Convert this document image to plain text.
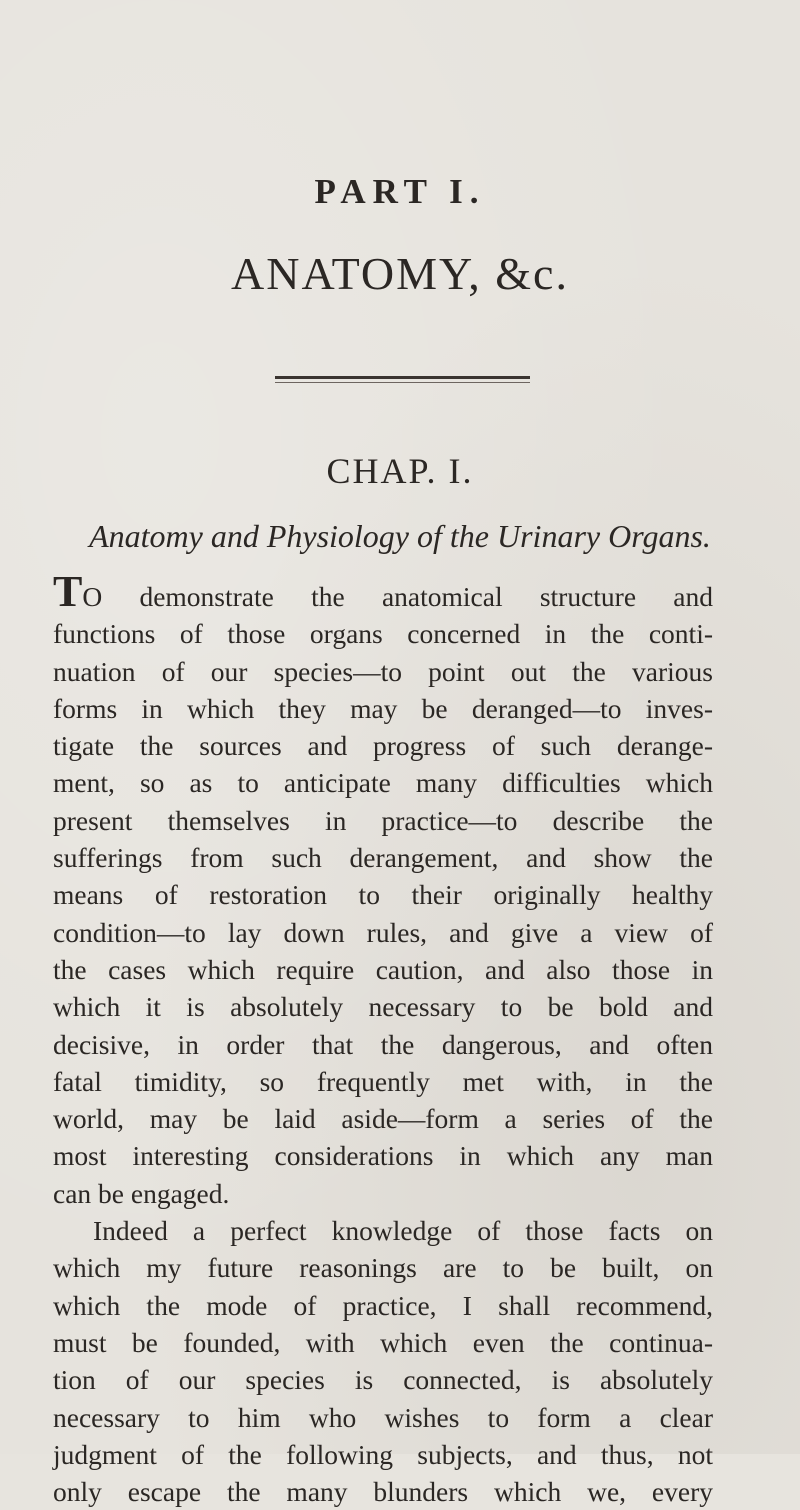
PART I.
ANATOMY, &c.
CHAP. I.
Anatomy and Physiology of the Urinary Organs.
TO demonstrate the anatomical structure and
functions of those organs concerned in the conti-
nuation of our species—to point out the various
forms in which they may be deranged—to inves-
tigate the sources and progress of such derange-
ment, so as to anticipate many difficulties which
present themselves in practice—to describe the
sufferings from such derangement, and show the
means of restoration to their originally healthy
condition—to lay down rules, and give a view of
the cases which require caution, and also those in
which it is absolutely necessary to be bold and
decisive, in order that the dangerous, and often
fatal timidity, so frequently met with, in the
world, may be laid aside—form a series of the
most interesting considerations in which any man
can be engaged.
Indeed a perfect knowledge of those facts on
which my future reasonings are to be built, on
which the mode of practice, I shall recommend,
must be founded, with which even the continua-
tion of our species is connected, is absolutely
necessary to him who wishes to form a clear
judgment of the following subjects, and thus, not
only escape the many blunders which we, every
